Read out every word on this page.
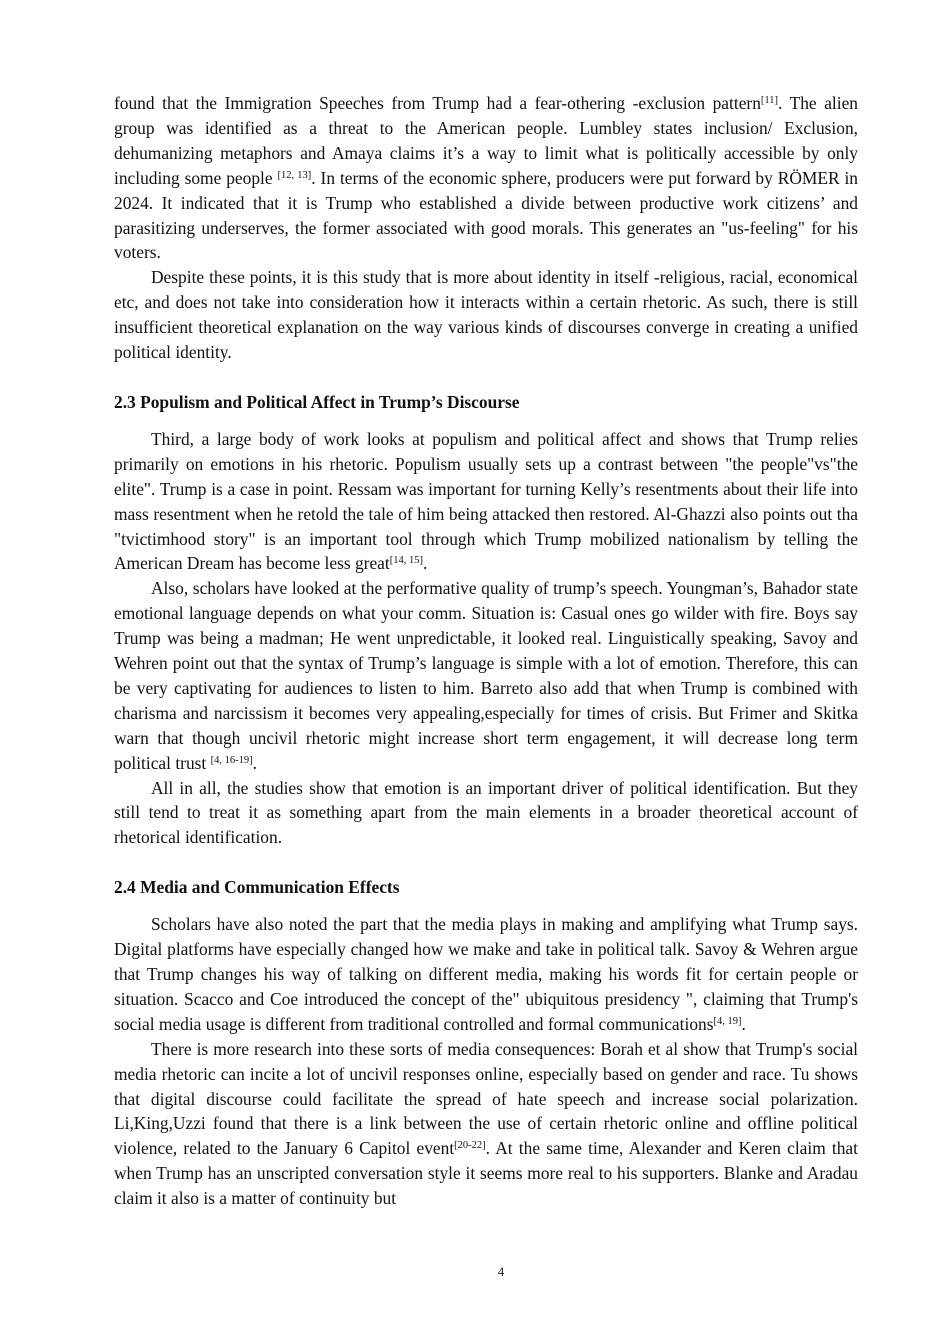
found that the Immigration Speeches from Trump had a fear-othering -exclusion pattern[11]. The alien group was identified as a threat to the American people. Lumbley states inclusion/ Exclusion, dehumanizing metaphors and Amaya claims it’s a way to limit what is politically accessible by only including some people [12, 13]. In terms of the economic sphere, producers were put forward by RÖMER in 2024. It indicated that it is Trump who established a divide between productive work citizens’ and parasitizing underserves, the former associated with good morals. This generates an "us-feeling" for his voters.

Despite these points, it is this study that is more about identity in itself -religious, racial, economical etc, and does not take into consideration how it interacts within a certain rhetoric. As such, there is still insufficient theoretical explanation on the way various kinds of discourses converge in creating a unified political identity.

2.3 Populism and Political Affect in Trump’s Discourse

Third, a large body of work looks at populism and political affect and shows that Trump relies primarily on emotions in his rhetoric. Populism usually sets up a contrast between "the people"vs"the elite". Trump is a case in point. Ressam was important for turning Kelly’s resentments about their life into mass resentment when he retold the tale of him being attacked then restored. Al-Ghazzi also points out tha "tvictimhood story" is an important tool through which Trump mobilized nationalism by telling the American Dream has become less great[14, 15].

Also, scholars have looked at the performative quality of trump’s speech. Youngman’s, Bahador state emotional language depends on what your comm. Situation is: Casual ones go wilder with fire. Boys say Trump was being a madman; He went unpredictable, it looked real. Linguistically speaking, Savoy and Wehren point out that the syntax of Trump’s language is simple with a lot of emotion. Therefore, this can be very captivating for audiences to listen to him. Barreto also add that when Trump is combined with charisma and narcissism it becomes very appealing,especially for times of crisis. But Frimer and Skitka warn that though uncivil rhetoric might increase short term engagement, it will decrease long term political trust [4, 16-19].

All in all, the studies show that emotion is an important driver of political identification. But they still tend to treat it as something apart from the main elements in a broader theoretical account of rhetorical identification.

2.4 Media and Communication Effects

Scholars have also noted the part that the media plays in making and amplifying what Trump says. Digital platforms have especially changed how we make and take in political talk. Savoy & Wehren argue that Trump changes his way of talking on different media, making his words fit for certain people or situation. Scacco and Coe introduced the concept of the" ubiquitous presidency ", claiming that Trump's social media usage is different from traditional controlled and formal communications[4, 19].

There is more research into these sorts of media consequences: Borah et al show that Trump's social media rhetoric can incite a lot of uncivil responses online, especially based on gender and race. Tu shows that digital discourse could facilitate the spread of hate speech and increase social polarization. Li,King,Uzzi found that there is a link between the use of certain rhetoric online and offline political violence, related to the January 6 Capitol event[20-22]. At the same time, Alexander and Keren claim that when Trump has an unscripted conversation style it seems more real to his supporters. Blanke and Aradau claim it also is a matter of continuity but

4
